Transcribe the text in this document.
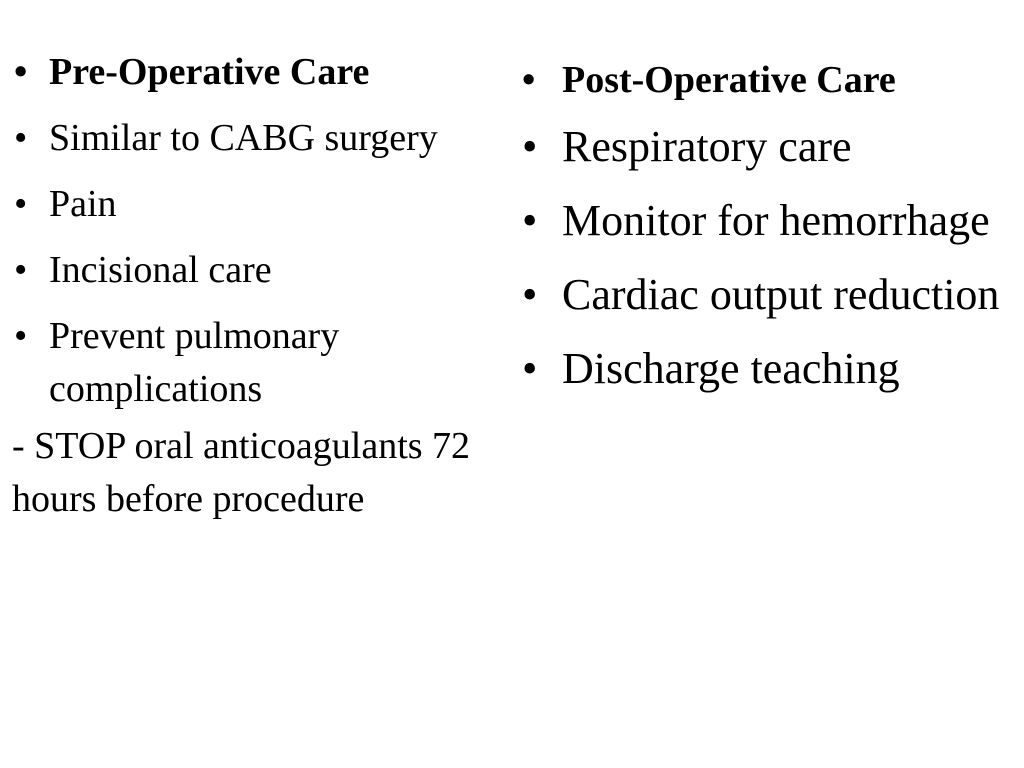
• Pre-Operative Care
• Similar to CABG surgery
• Pain
• Incisional care
• Prevent pulmonary complications
- STOP oral anticoagulants 72 hours before procedure
• Post-Operative Care
• Respiratory care
• Monitor for hemorrhage
• Cardiac output reduction
• Discharge teaching
